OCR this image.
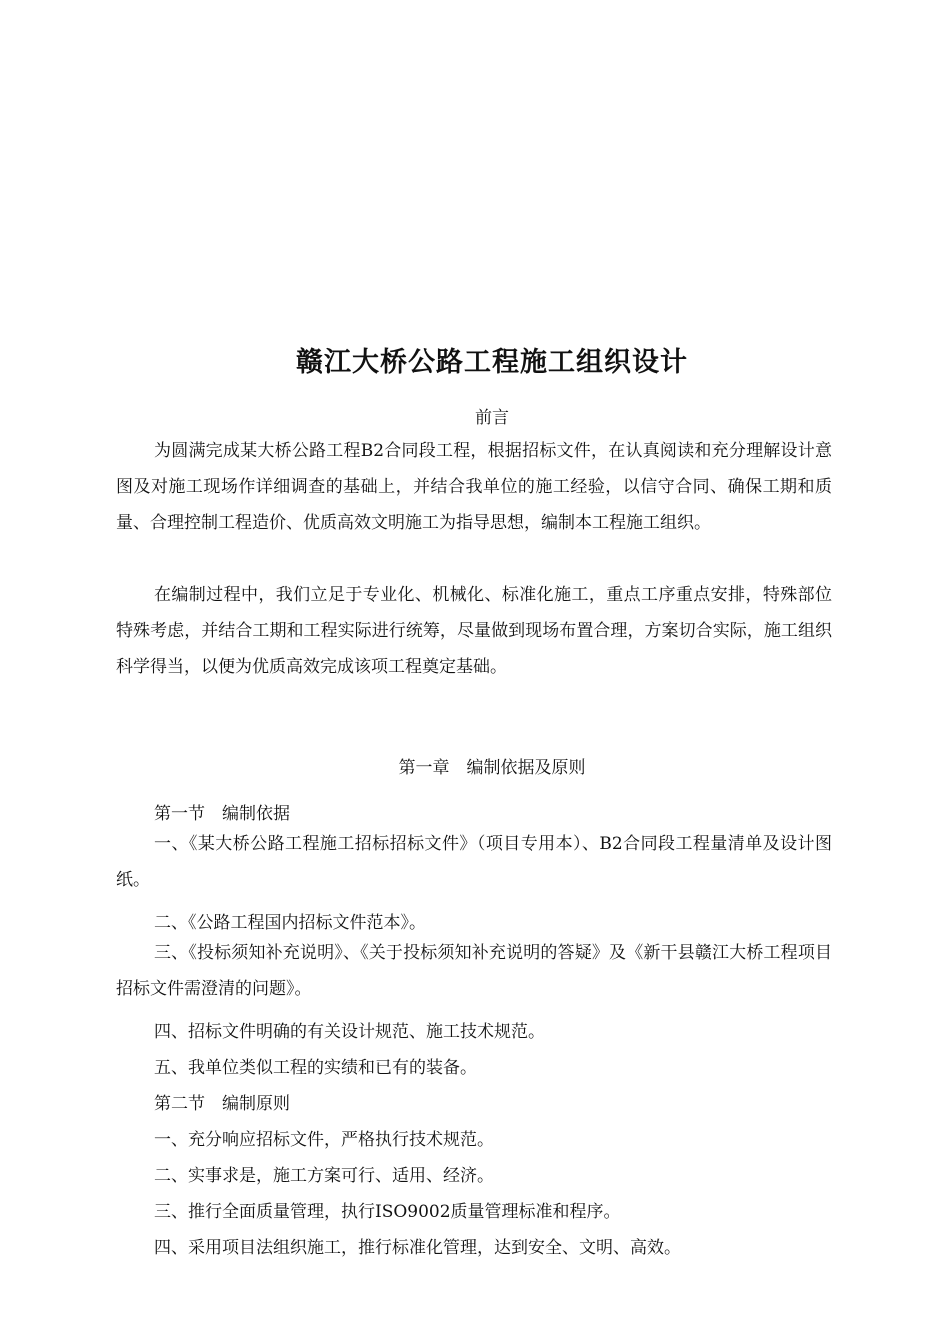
赣江大桥公路工程施工组织设计
前言

为圆满完成某大桥公路工程B2合同段工程，根据招标文件，在认真阅读和充分理解设计意图及对施工现场作详细调查的基础上，并结合我单位的施工经验，以信守合同、确保工期和质量、合理控制工程造价、优质高效文明施工为指导思想，编制本工程施工组织。

在编制过程中，我们立足于专业化、机械化、标准化施工，重点工序重点安排，特殊部位特殊考虑，并结合工期和工程实际进行统筹，尽量做到现场布置合理，方案切合实际，施工组织科学得当，以便为优质高效完成该项工程奠定基础。

第一章　编制依据及原则
第一节　编制依据

一、《某大桥公路工程施工招标招标文件》（项目专用本）、B2合同段工程量清单及设计图纸。

二、《公路工程国内招标文件范本》。

三、《投标须知补充说明》、《关于投标须知补充说明的答疑》及《新干县赣江大桥工程项目招标文件需澄清的问题》。

四、招标文件明确的有关设计规范、施工技术规范。
五、我单位类似工程的实绩和已有的装备。
第二节　编制原则
一、充分响应招标文件，严格执行技术规范。
二、实事求是，施工方案可行、适用、经济。
三、推行全面质量管理，执行ISO9002质量管理标准和程序。
四、采用项目法组织施工，推行标准化管理，达到安全、文明、高效。
